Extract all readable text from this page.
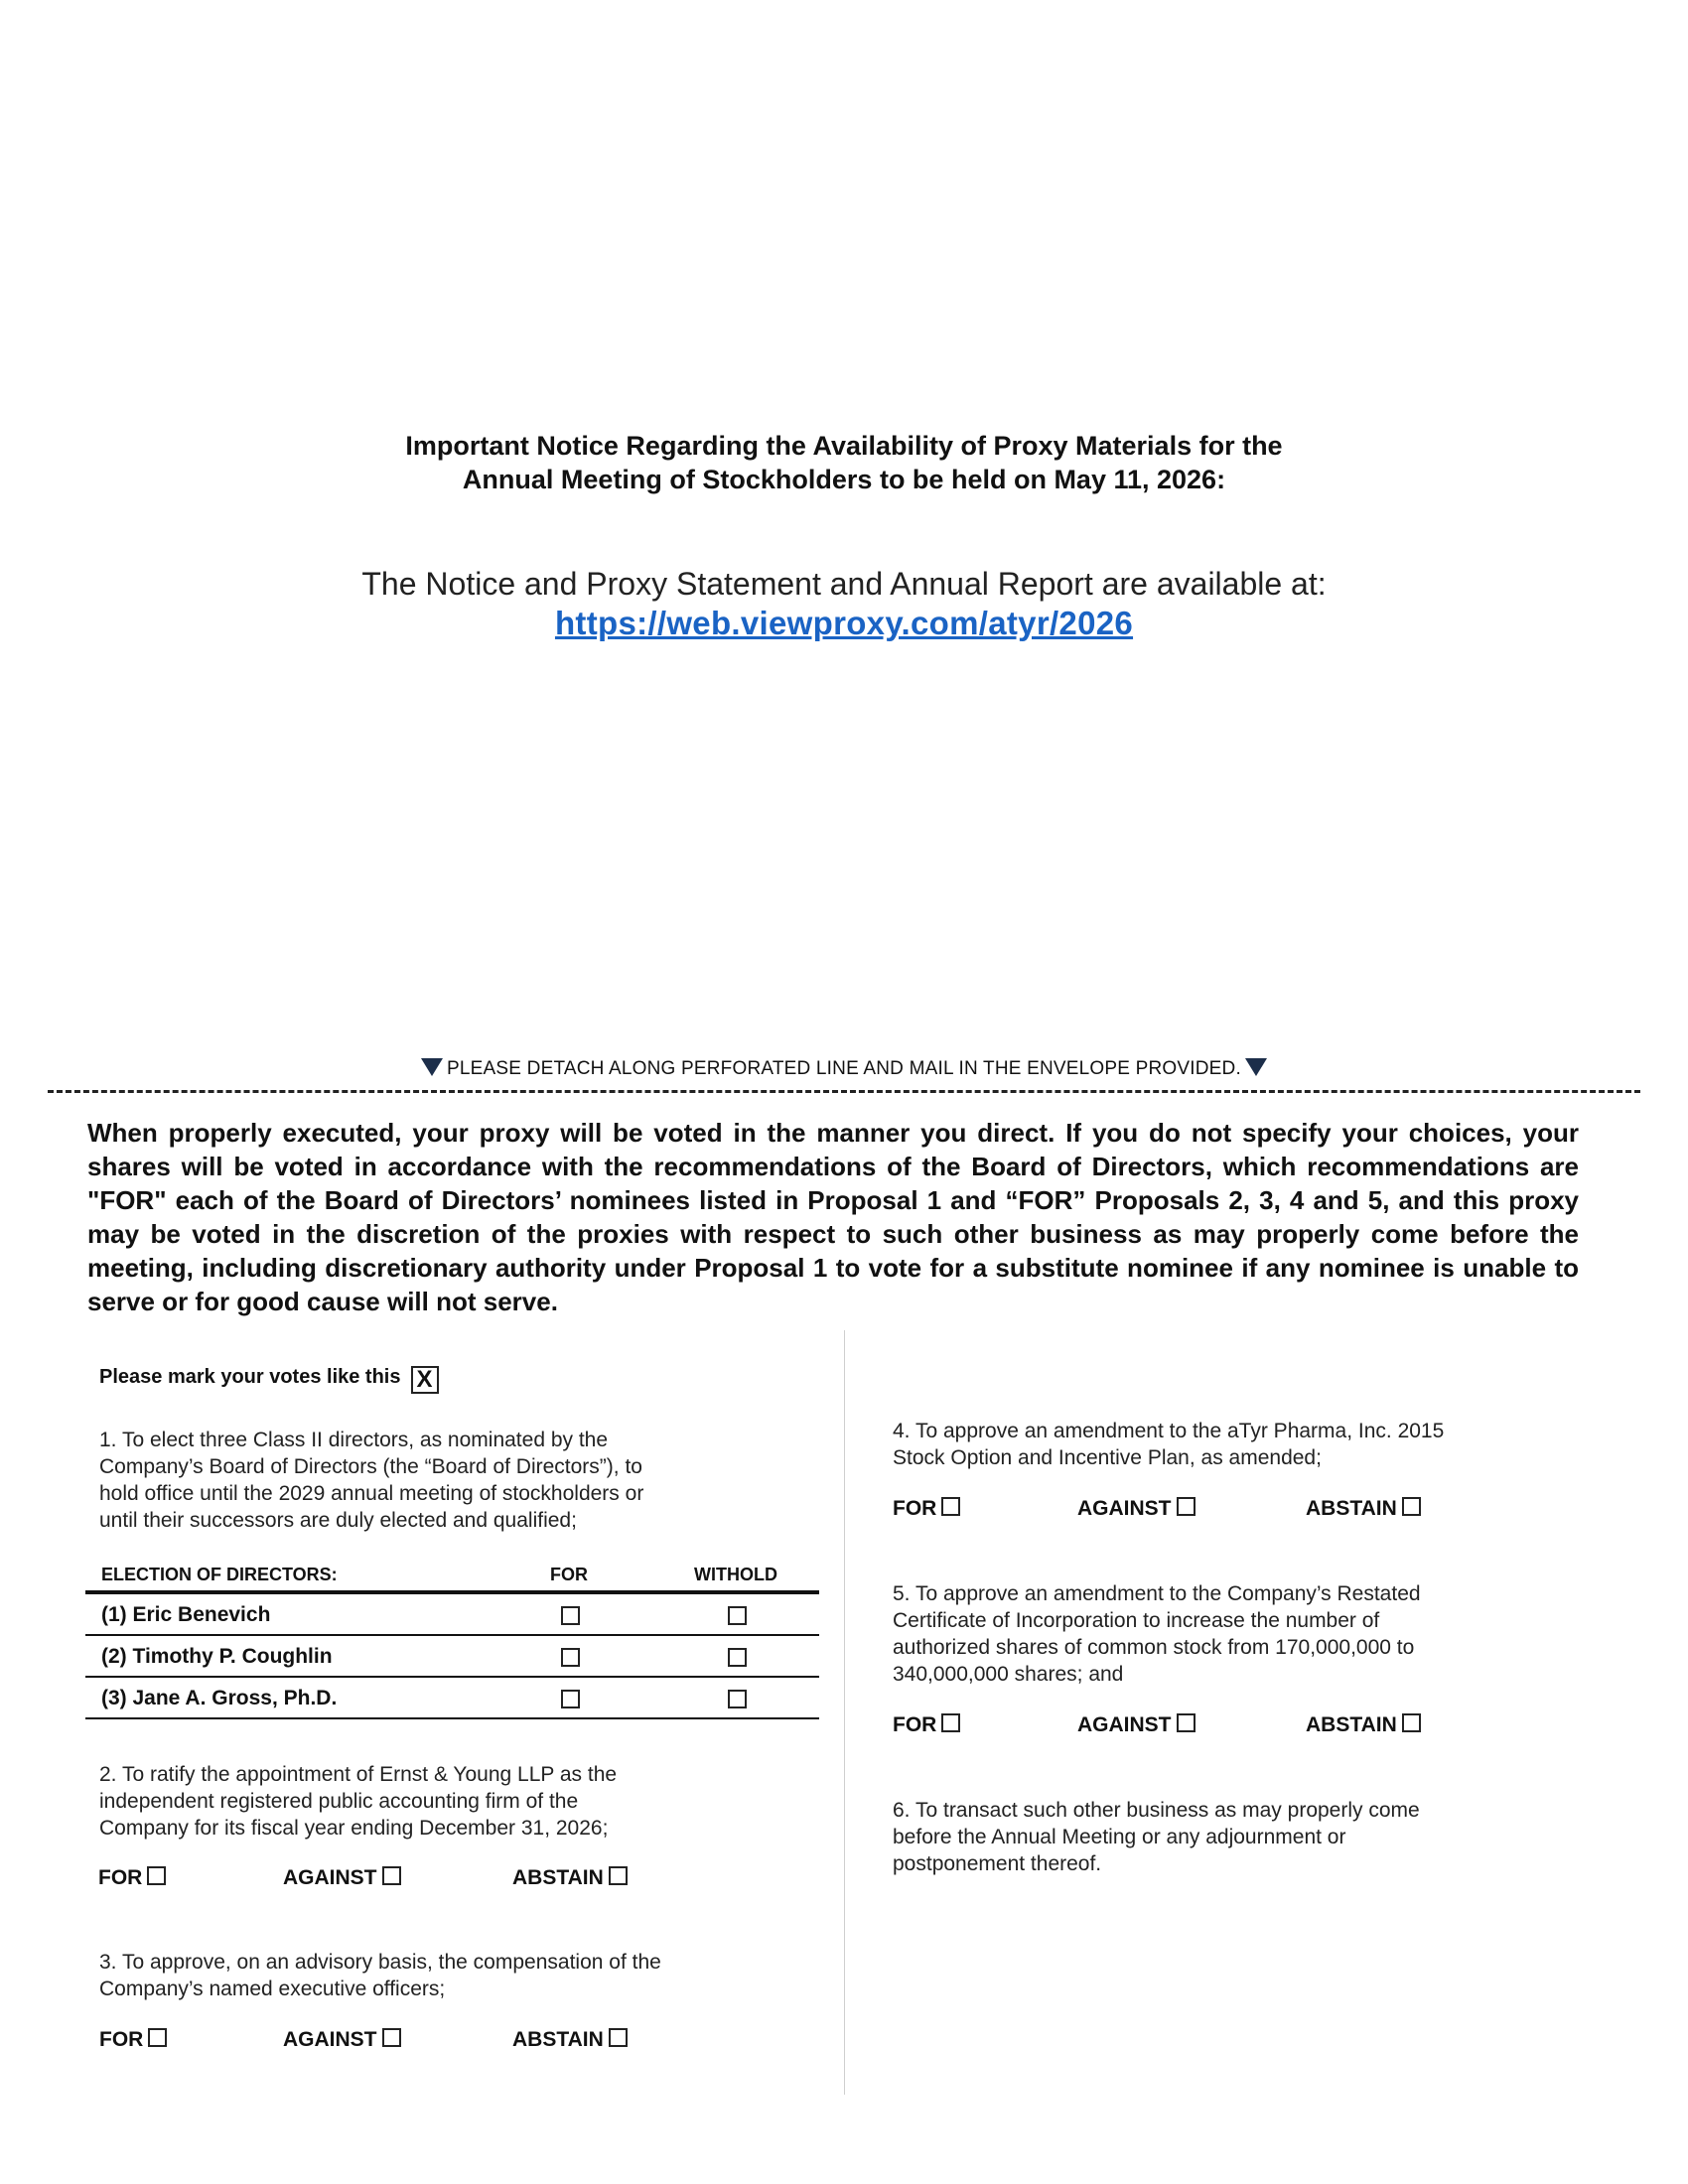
Important Notice Regarding the Availability of Proxy Materials for the
Annual Meeting of Stockholders to be held on May 11, 2026:
The Notice and Proxy Statement and Annual Report are available at:
https://web.viewproxy.com/atyr/2026
PLEASE DETACH ALONG PERFORATED LINE AND MAIL IN THE ENVELOPE PROVIDED.
When properly executed, your proxy will be voted in the manner you direct. If you do not specify your choices, your shares will be voted in accordance with the recommendations of the Board of Directors, which recommendations are "FOR" each of the Board of Directors’ nominees listed in Proposal 1 and “FOR” Proposals 2, 3, 4 and 5, and this proxy may be voted in the discretion of the proxies with respect to such other business as may properly come before the meeting, including discretionary authority under Proposal 1 to vote for a substitute nominee if any nominee is unable to serve or for good cause will not serve.
Please mark your votes like this X
1. To elect three Class II directors, as nominated by the
Company’s Board of Directors (the “Board of Directors”), to
hold office until the 2029 annual meeting of stockholders or
until their successors are duly elected and qualified;
ELECTION OF DIRECTORS:	FOR	WITHOLD
(1) Eric Benevich
(2) Timothy P. Coughlin
(3) Jane A. Gross, Ph.D.
2. To ratify the appointment of Ernst & Young LLP as the
independent registered public accounting firm of the
Company for its fiscal year ending December 31, 2026;
FOR	AGAINST	ABSTAIN
3. To approve, on an advisory basis, the compensation of the
Company’s named executive officers;
FOR	AGAINST	ABSTAIN
4. To approve an amendment to the aTyr Pharma, Inc. 2015
Stock Option and Incentive Plan, as amended;
FOR	AGAINST	ABSTAIN
5. To approve an amendment to the Company’s Restated
Certificate of Incorporation to increase the number of
authorized shares of common stock from 170,000,000 to
340,000,000 shares; and
FOR	AGAINST	ABSTAIN
6. To transact such other business as may properly come
before the Annual Meeting or any adjournment or
postponement thereof.
